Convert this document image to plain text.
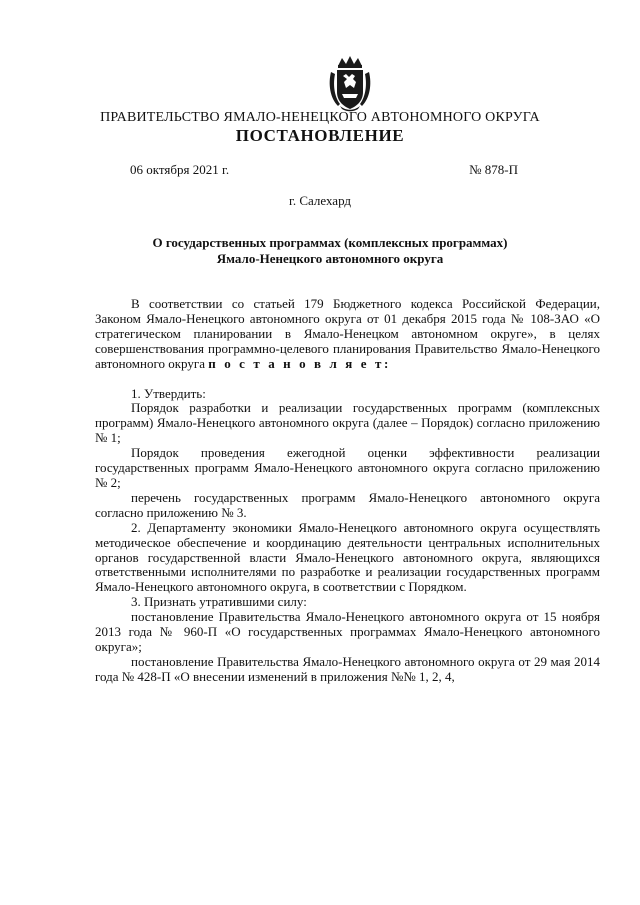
ПРАВИТЕЛЬСТВО ЯМАЛО-НЕНЕЦКОГО АВТОНОМНОГО ОКРУГА
ПОСТАНОВЛЕНИЕ
06 октября 2021 г.	№ 878-П
г. Салехард
О государственных программах (комплексных программах)
Ямало-Ненецкого автономного округа

В соответствии со статьей 179 Бюджетного кодекса Российской Федерации, Законом Ямало-Ненецкого автономного округа от 01 декабря 2015 года № 108-ЗАО «О стратегическом планировании в Ямало-Ненецком автономном округе», в целях совершенствования программно-целевого планирования Правительство Ямало-Ненецкого автономного округа п о с т а н о в л я е т:

1. Утвердить:

Порядок разработки и реализации государственных программ (комплексных программ) Ямало-Ненецкого автономного округа (далее – Порядок) согласно приложению № 1;

Порядок проведения ежегодной оценки эффективности реализации государственных программ Ямало-Ненецкого автономного округа согласно приложению № 2;

перечень государственных программ Ямало-Ненецкого автономного округа согласно приложению № 3.

2. Департаменту экономики Ямало-Ненецкого автономного округа осуществлять методическое обеспечение и координацию деятельности центральных исполнительных органов государственной власти Ямало-Ненецкого автономного округа, являющихся ответственными исполнителями по разработке и реализации государственных программ Ямало-Ненецкого автономного округа, в соответствии с Порядком.

3. Признать утратившими силу:

постановление Правительства Ямало-Ненецкого автономного округа от 15 ноября 2013 года № 960-П «О государственных программах Ямало-Ненецкого автономного округа»;

постановление Правительства Ямало-Ненецкого автономного округа от 29 мая 2014 года № 428-П «О внесении изменений в приложения №№ 1, 2, 4,
